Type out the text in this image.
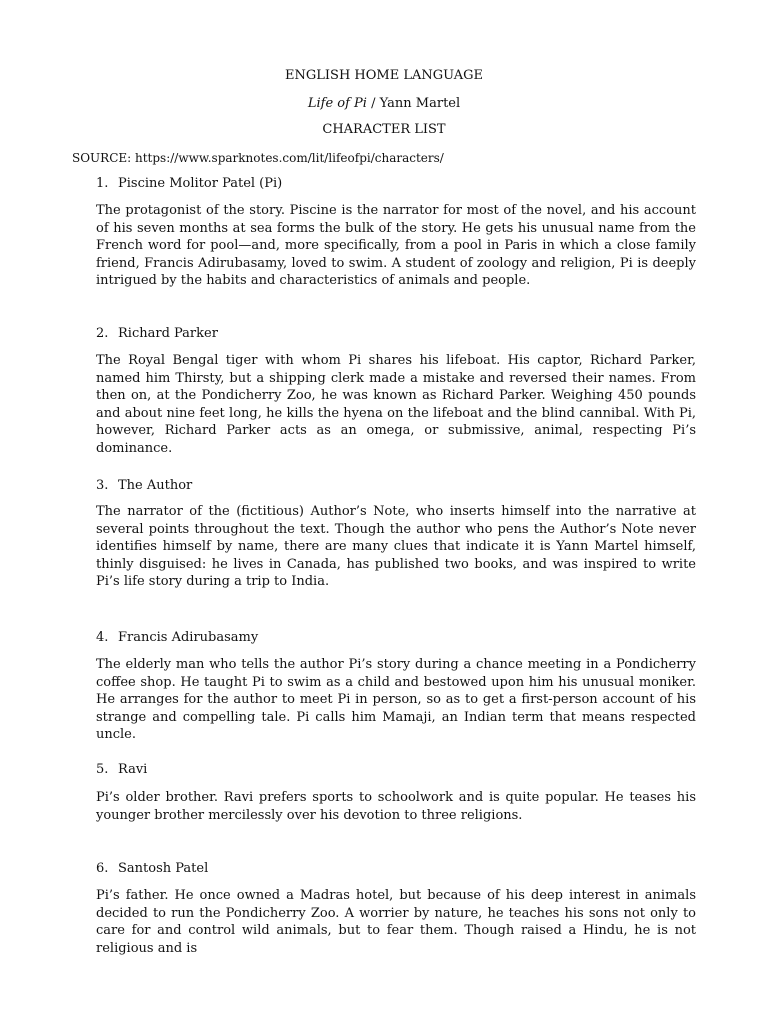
ENGLISH HOME LANGUAGE
Life of Pi / Yann Martel
CHARACTER LIST
SOURCE: https://www.sparknotes.com/lit/lifeofpi/characters/
1. Piscine Molitor Patel (Pi)

The protagonist of the story. Piscine is the narrator for most of the novel, and his account of his seven months at sea forms the bulk of the story. He gets his unusual name from the French word for pool—and, more specifically, from a pool in Paris in which a close family friend, Francis Adirubasamy, loved to swim. A student of zoology and religion, Pi is deeply intrigued by the habits and characteristics of animals and people.

2. Richard Parker

The Royal Bengal tiger with whom Pi shares his lifeboat. His captor, Richard Parker, named him Thirsty, but a shipping clerk made a mistake and reversed their names. From then on, at the Pondicherry Zoo, he was known as Richard Parker. Weighing 450 pounds and about nine feet long, he kills the hyena on the lifeboat and the blind cannibal. With Pi, however, Richard Parker acts as an omega, or submissive, animal, respecting Pi’s dominance.

3. The Author

The narrator of the (fictitious) Author’s Note, who inserts himself into the narrative at several points throughout the text. Though the author who pens the Author’s Note never identifies himself by name, there are many clues that indicate it is Yann Martel himself, thinly disguised: he lives in Canada, has published two books, and was inspired to write Pi’s life story during a trip to India.

4. Francis Adirubasamy

The elderly man who tells the author Pi’s story during a chance meeting in a Pondicherry coffee shop. He taught Pi to swim as a child and bestowed upon him his unusual moniker. He arranges for the author to meet Pi in person, so as to get a first-person account of his strange and compelling tale. Pi calls him Mamaji, an Indian term that means respected uncle.

5. Ravi

Pi’s older brother. Ravi prefers sports to schoolwork and is quite popular. He teases his younger brother mercilessly over his devotion to three religions.

6. Santosh Patel

Pi’s father. He once owned a Madras hotel, but because of his deep interest in animals decided to run the Pondicherry Zoo. A worrier by nature, he teaches his sons not only to care for and control wild animals, but to fear them. Though raised a Hindu, he is not religious and is
